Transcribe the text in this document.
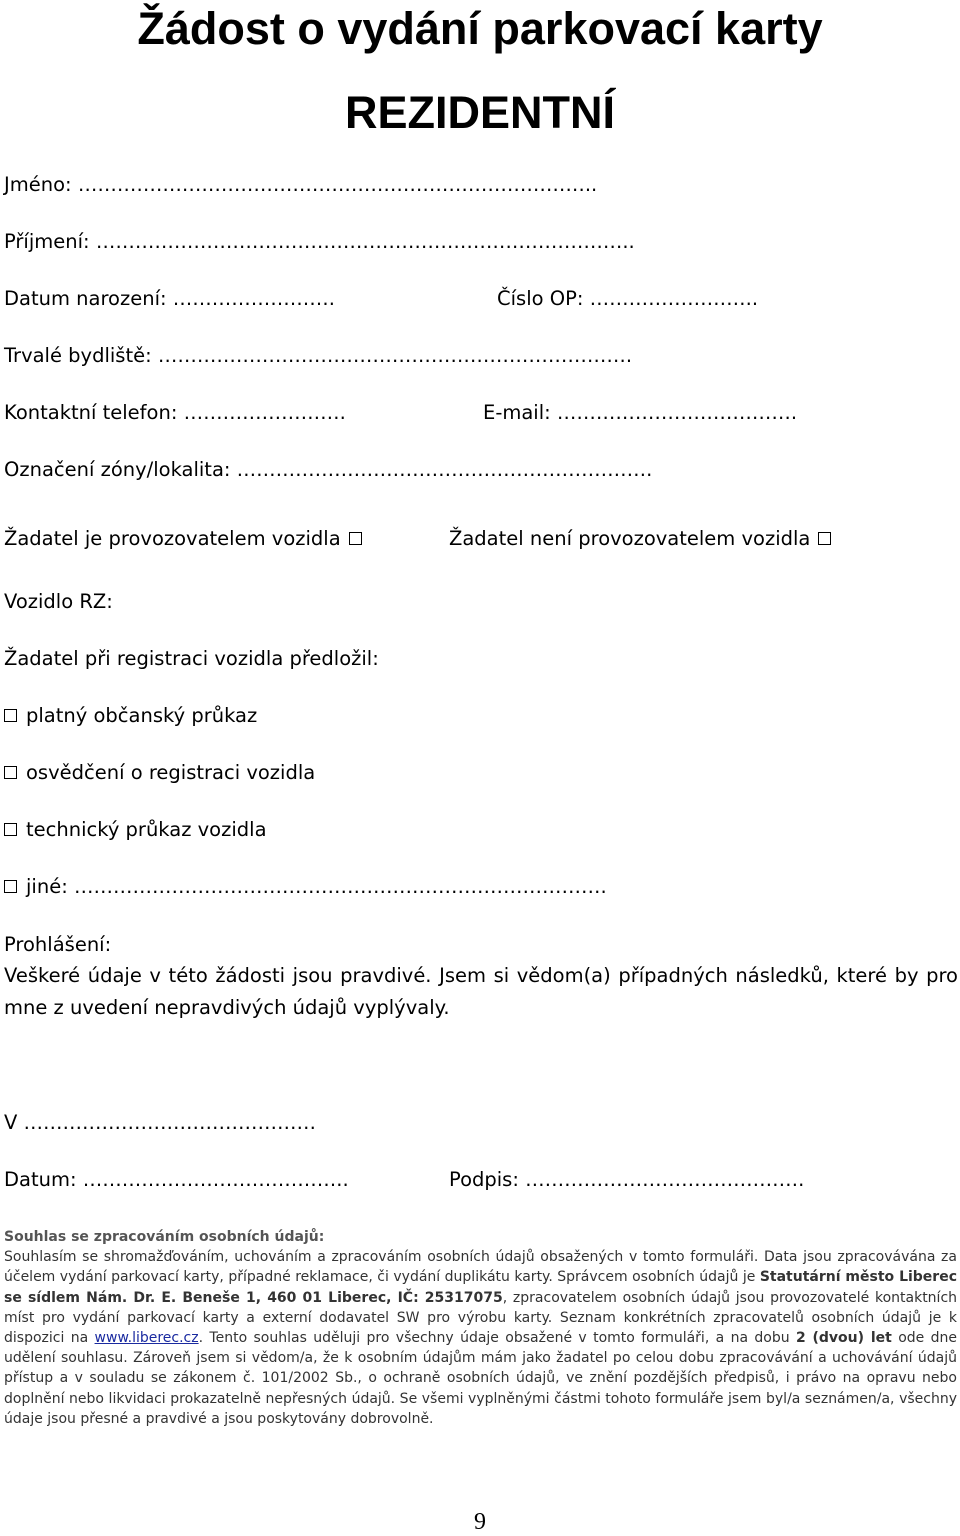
Žádost o vydání parkovací karty
REZIDENTNÍ
Jméno: ……………………………………………………………………..
Příjmení: ………………………………………………………………………..
Datum narození: …………………….	Číslo OP: ……………………..
Trvalé bydliště: ……………………………………………………………….
Kontaktní telefon: …………………….	E-mail: ……………………………….
Označení zóny/lokalita: ……………………………………………………….
Žadatel je provozovatelem vozidla	Žadatel není provozovatelem vozidla
Vozidlo RZ:
Žadatel při registraci vozidla předložil:
platný občanský průkaz
osvědčení o registraci vozidla
technický průkaz vozidla
jiné: ……………………………………………………………………….
Prohlášení:
Veškeré údaje v této žádosti jsou pravdivé. Jsem si vědom(a) případných následků, které by pro mne z uvedení nepravdivých údajů vyplývaly.
V ………………………………………
Datum: …………………………………..	Podpis: …………………………………….
Souhlas se zpracováním osobních údajů:
Souhlasím se shromažďováním, uchováním a zpracováním osobních údajů obsažených v tomto formuláři. Data jsou zpracovávána za účelem vydání parkovací karty, případné reklamace, či vydání duplikátu karty. Správcem osobních údajů je Statutární město Liberec se sídlem Nám. Dr. E. Beneše 1, 460 01 Liberec, IČ: 25317075, zpracovatelem osobních údajů jsou provozovatelé kontaktních míst pro vydání parkovací karty a externí dodavatel SW pro výrobu karty. Seznam konkrétních zpracovatelů osobních údajů je k dispozici na www.liberec.cz. Tento souhlas uděluji pro všechny údaje obsažené v tomto formuláři, a na dobu 2 (dvou) let ode dne udělení souhlasu. Zároveň jsem si vědom/a, že k osobním údajům mám jako žadatel po celou dobu zpracovávání a uchovávání údajů přístup a v souladu se zákonem č. 101/2002 Sb., o ochraně osobních údajů, ve znění pozdějších předpisů, i právo na opravu nebo doplnění nebo likvidaci prokazatelně nepřesných údajů. Se všemi vyplněnými částmi tohoto formuláře jsem byl/a seznámen/a, všechny údaje jsou přesné a pravdivé a jsou poskytovány dobrovolně.
9
